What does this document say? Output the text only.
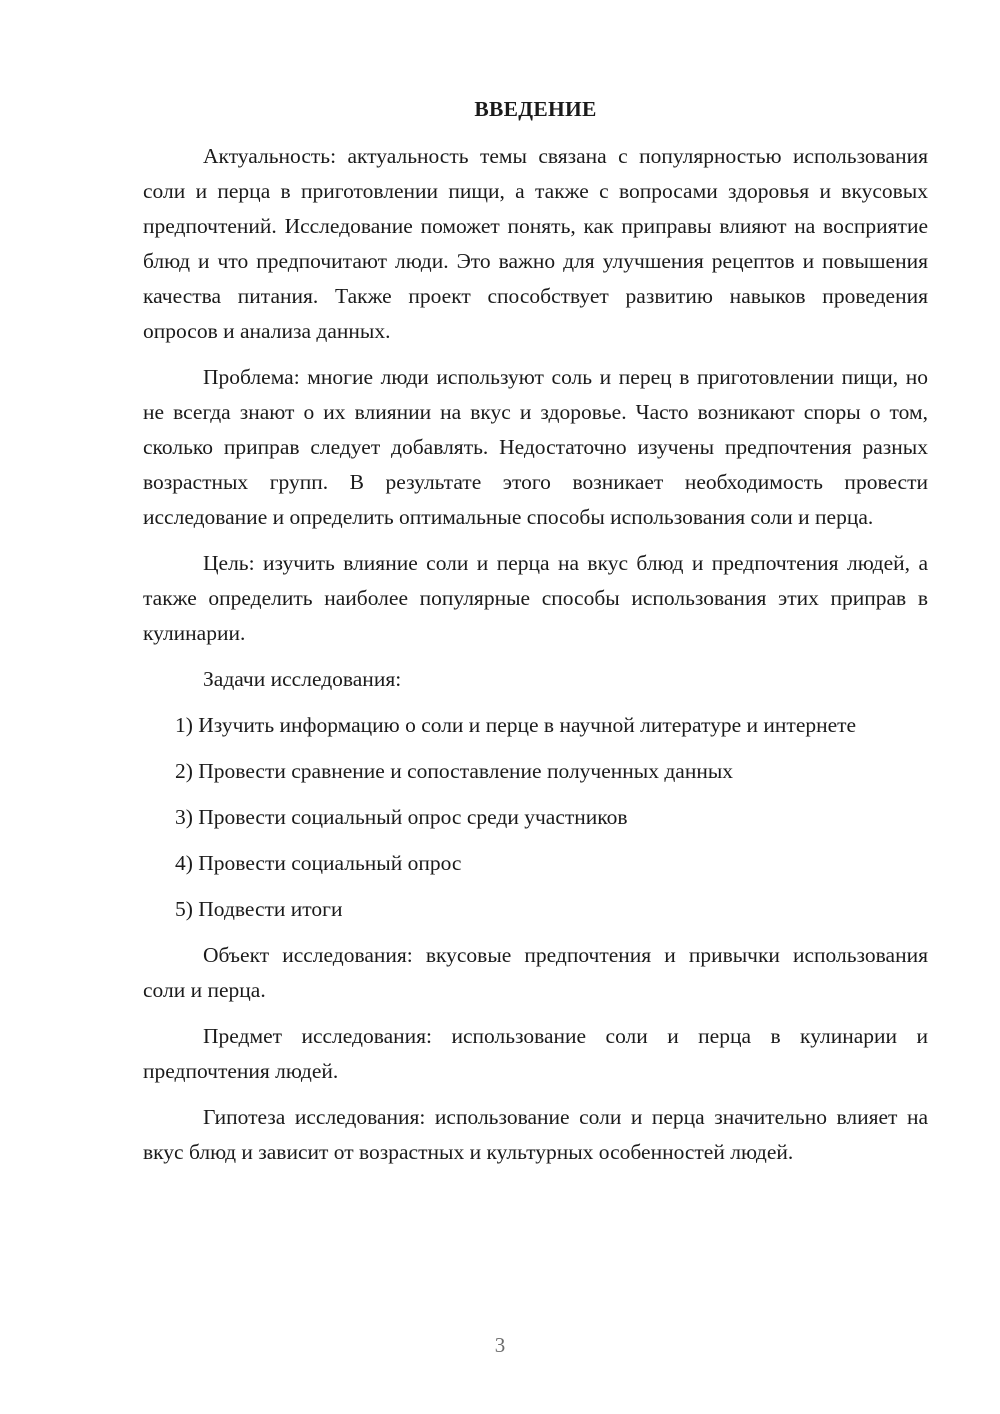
ВВЕДЕНИЕ

Актуальность: актуальность темы связана с популярностью использования соли и перца в приготовлении пищи, а также с вопросами здоровья и вкусовых предпочтений. Исследование поможет понять, как приправы влияют на восприятие блюд и что предпочитают люди. Это важно для улучшения рецептов и повышения качества питания. Также проект способствует развитию навыков проведения опросов и анализа данных.

Проблема: многие люди используют соль и перец в приготовлении пищи, но не всегда знают о их влиянии на вкус и здоровье. Часто возникают споры о том, сколько приправ следует добавлять. Недостаточно изучены предпочтения разных возрастных групп. В результате этого возникает необходимость провести исследование и определить оптимальные способы использования соли и перца.

Цель: изучить влияние соли и перца на вкус блюд и предпочтения людей, а также определить наиболее популярные способы использования этих приправ в кулинарии.

Задачи исследования:

1) Изучить информацию о соли и перце в научной литературе и интернете

2) Провести сравнение и сопоставление полученных данных

3) Провести социальный опрос среди участников

4) Провести социальный опрос

5) Подвести итоги

Объект исследования: вкусовые предпочтения и привычки использования соли и перца.

Предмет исследования: использование соли и перца в кулинарии и предпочтения людей.

Гипотеза исследования: использование соли и перца значительно влияет на вкус блюд и зависит от возрастных и культурных особенностей людей.

3
